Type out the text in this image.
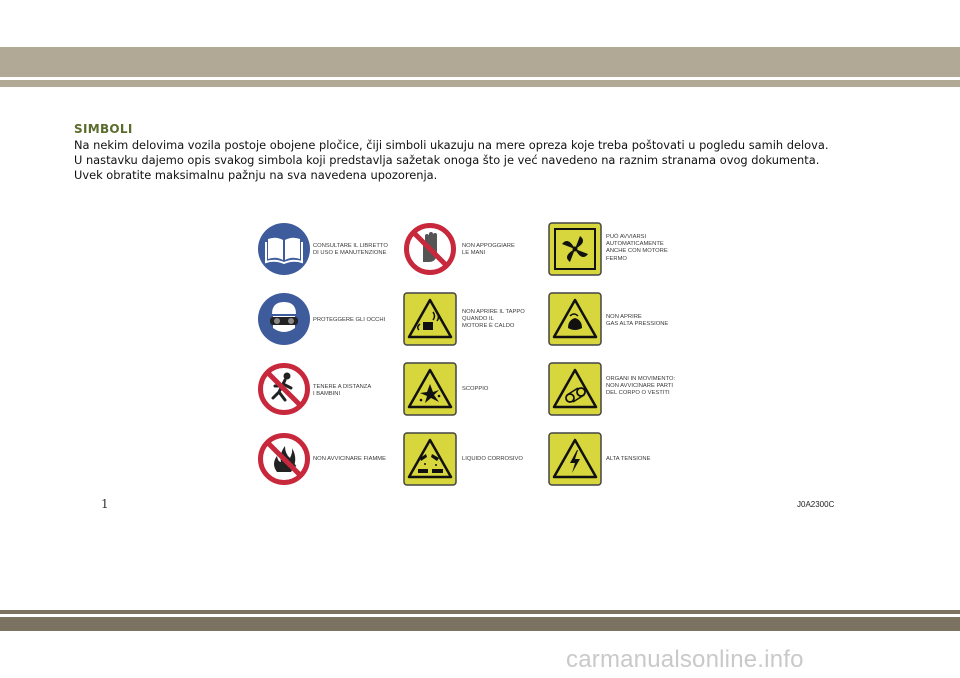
SIMBOLI
Na nekim delovima vozila postoje obojene pločice, čiji simboli ukazuju na mere opreza koje treba poštovati u pogledu samih delova.
U nastavku dajemo opis svakog simbola koji predstavlja sažetak onoga što je već navedeno na raznim stranama ovog dokumenta.
Uvek obratite maksimalnu pažnju na sva navedena upozorenja.
CONSULTARE IL LIBRETTO
DI USO E MANUTENZIONE
NON APPOGGIARE
LE MANI
PUÒ AVVIARSI
AUTOMATICAMENTE
ANCHE CON MOTORE
FERMO
PROTEGGERE GLI OCCHI
NON APRIRE IL TAPPO
QUANDO IL
MOTORE È CALDO
NON APRIRE
GAS ALTA PRESSIONE
TENERE A DISTANZA
I BAMBINI
SCOPPIO
ORGANI IN MOVIMENTO:
NON AVVICINARE PARTI
DEL CORPO O VESTITI
NON AVVICINARE FIAMME	LIQUIDO CORROSIVO	ALTA TENSIONE
1	J0A2300C
carmanualsonline.info
